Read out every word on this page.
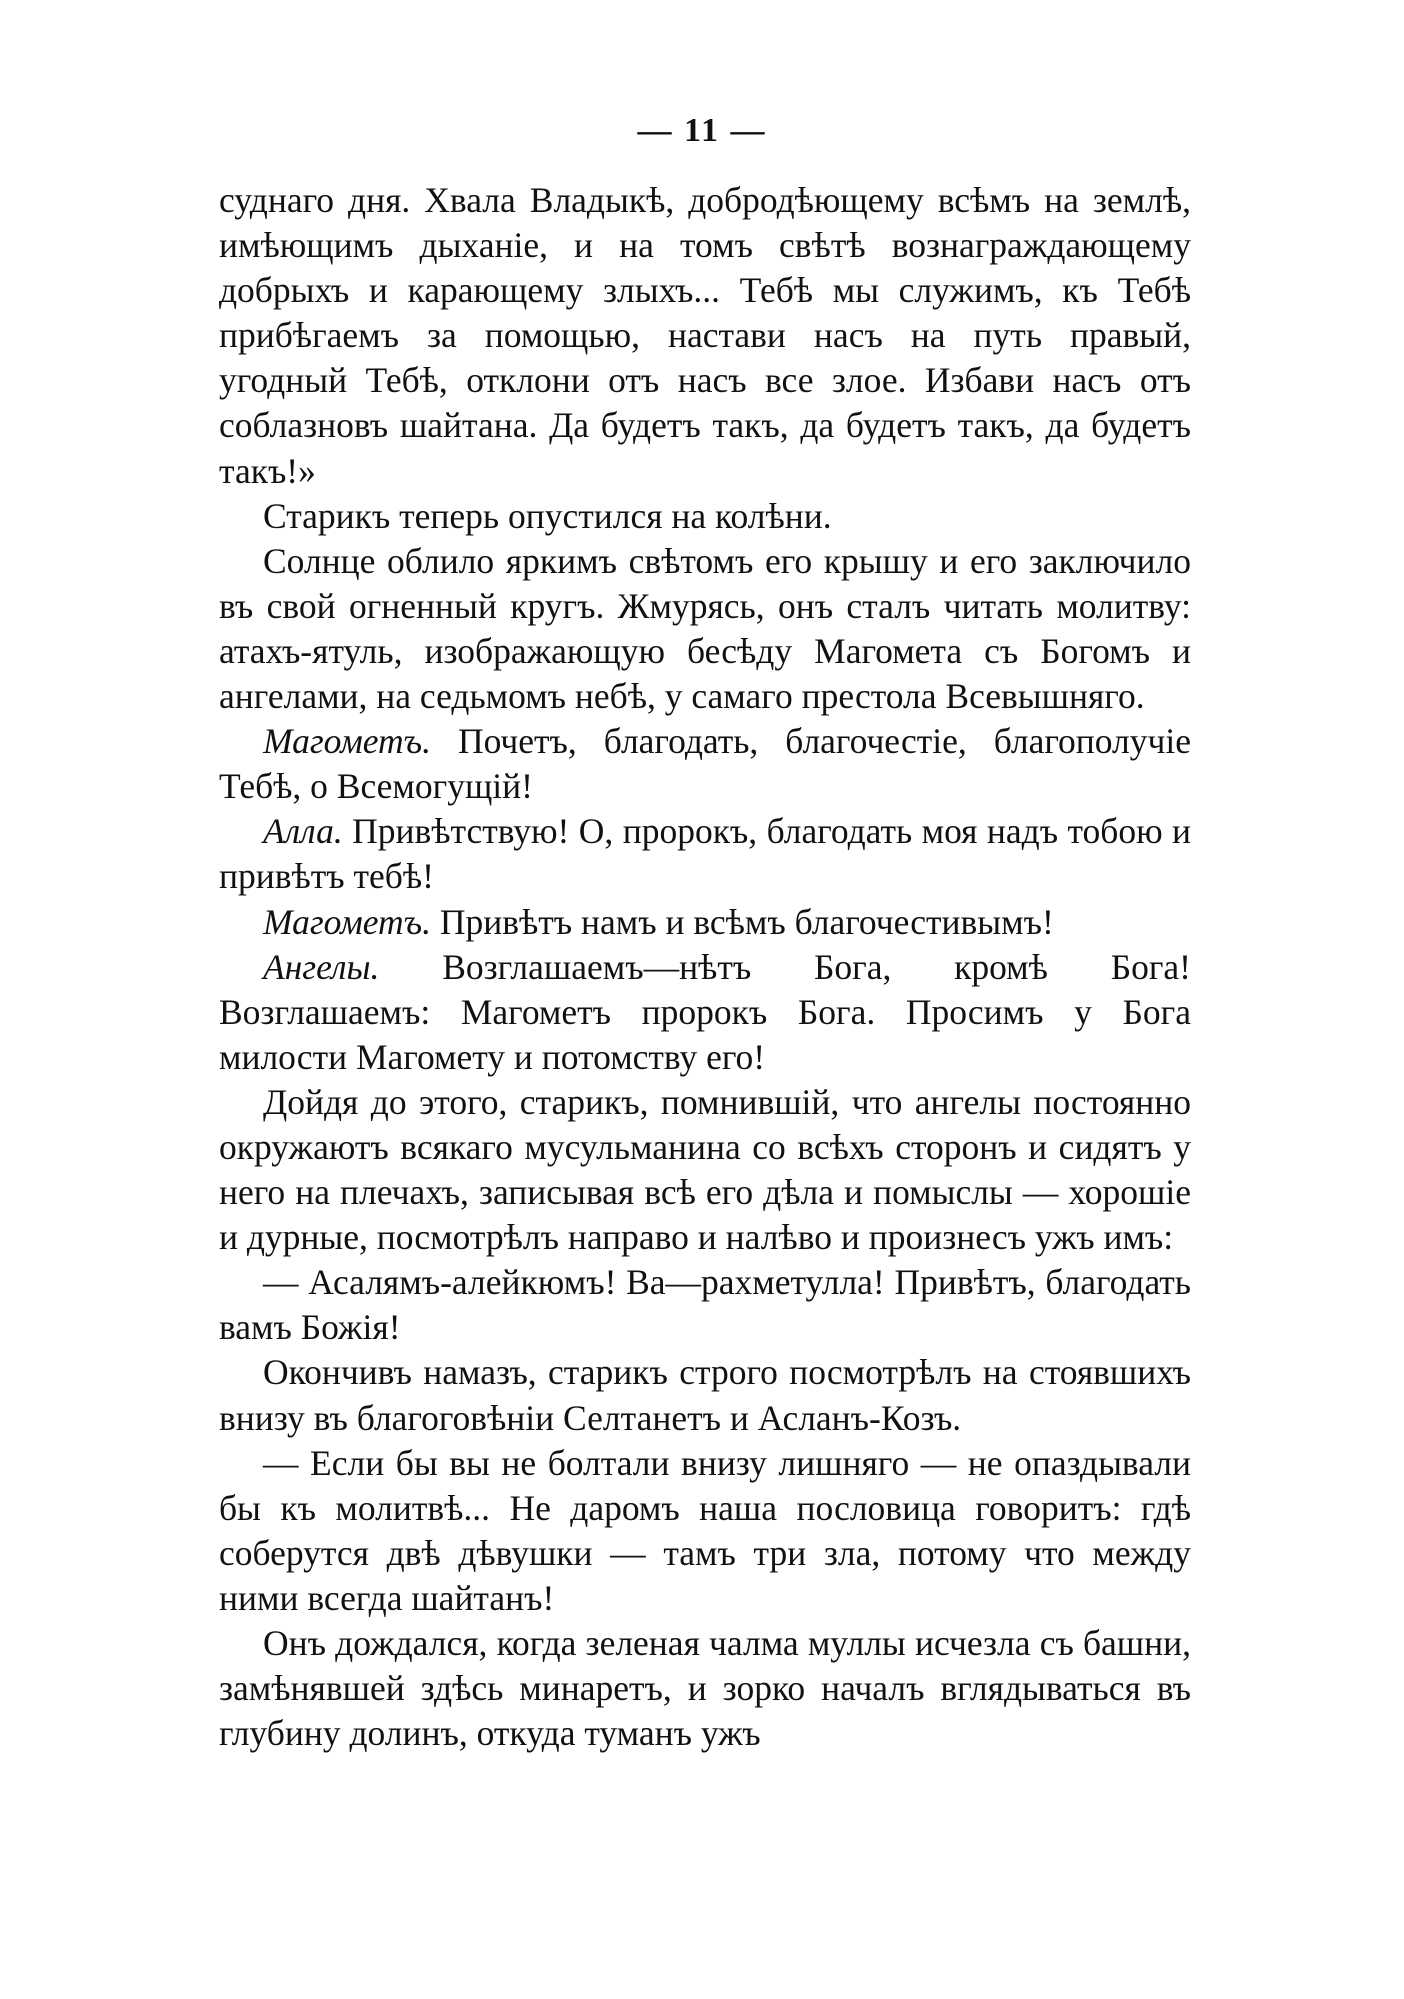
— 11 —

суднаго дня. Хвала Владыкѣ, добродѣющему всѣмъ на землѣ, имѣющимъ дыханіе, и на томъ свѣтѣ вознаграждающему добрыхъ и карающему злыхъ... Тебѣ мы служимъ, къ Тебѣ прибѣгаемъ за помощью, настави насъ на путь правый, угодный Тебѣ, отклони отъ насъ все злое. Избави насъ отъ соблазновъ шайтана. Да будетъ такъ, да будетъ такъ, да будетъ такъ!»

Старикъ теперь опустился на колѣни.

Солнце облило яркимъ свѣтомъ его крышу и его заключило въ свой огненный кругъ. Жмурясь, онъ сталъ читать молитву: атахъ-ятуль, изображающую бесѣду Магомета съ Богомъ и ангелами, на седьмомъ небѣ, у самаго престола Всевышняго.

Магометъ. Почетъ, благодать, благочестіе, благополучіе Тебѣ, о Всемогущій!

Алла. Привѣтствую! О, пророкъ, благодать моя надъ тобою и привѣтъ тебѣ!

Магометъ. Привѣтъ намъ и всѣмъ благочестивымъ!

Ангелы. Возглашаемъ—нѣтъ Бога, кромѣ Бога! Возглашаемъ: Магометъ пророкъ Бога. Просимъ у Бога милости Магомету и потомству его!

Дойдя до этого, старикъ, помнившій, что ангелы постоянно окружаютъ всякаго мусульманина со всѣхъ сторонъ и сидятъ у него на плечахъ, записывая всѣ его дѣла и помыслы — хорошіе и дурные, посмотрѣлъ направо и налѣво и произнесъ ужъ имъ:

— Асалямъ-алейкюмъ! Ва—рахметулла! Привѣтъ, благодать вамъ Божія!

Окончивъ намазъ, старикъ строго посмотрѣлъ на стоявшихъ внизу въ благоговѣніи Селтанетъ и Асланъ-Козъ.

— Если бы вы не болтали внизу лишняго — не опаздывали бы къ молитвѣ... Не даромъ наша пословица говоритъ: гдѣ соберутся двѣ дѣвушки — тамъ три зла, потому что между ними всегда шайтанъ!

Онъ дождался, когда зеленая чалма муллы исчезла съ башни, замѣнявшей здѣсь минаретъ, и зорко началъ вглядываться въ глубину долинъ, откуда туманъ ужъ
